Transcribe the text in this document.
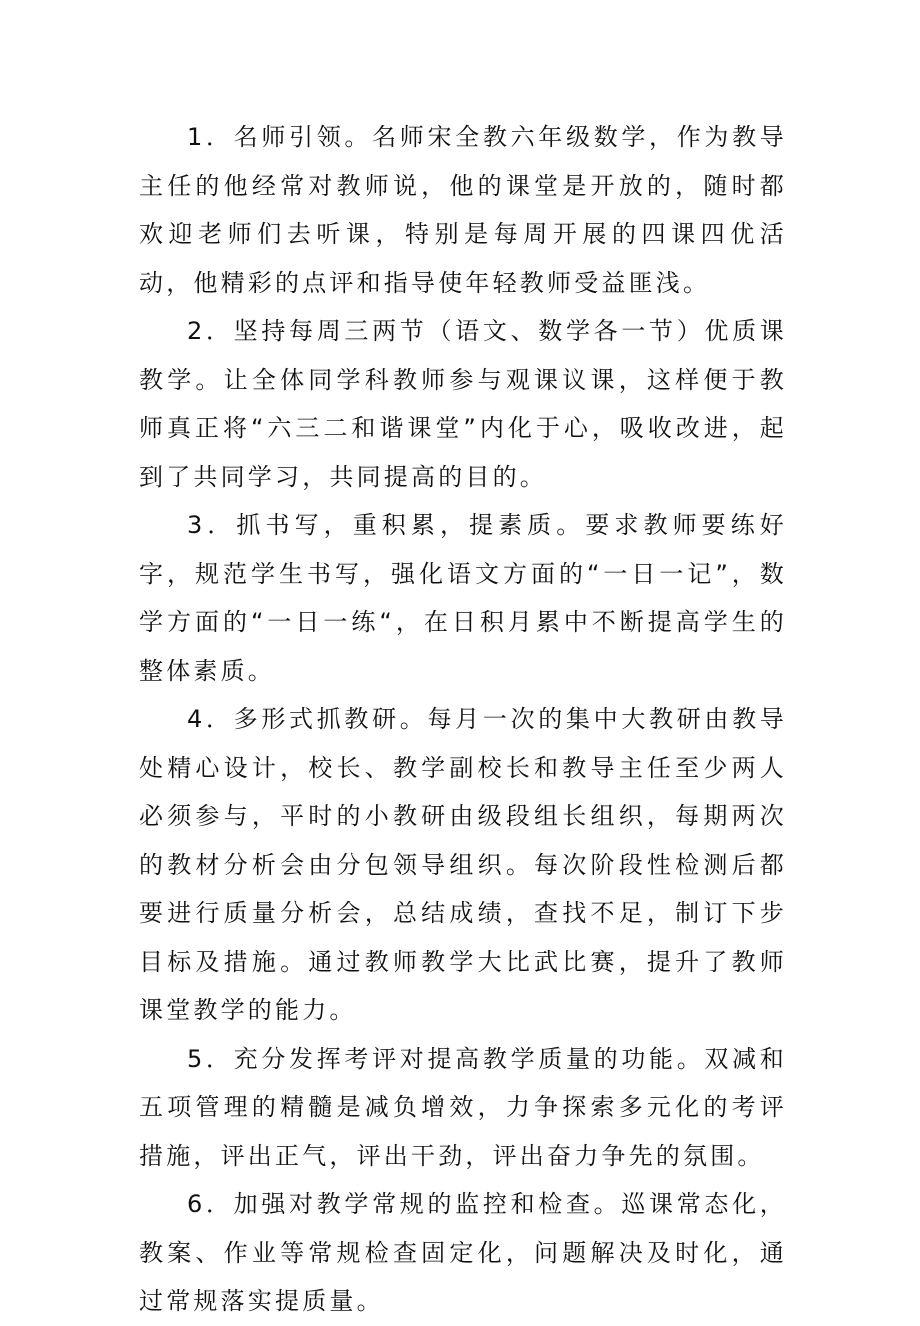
1．名师引领。名师宋全教六年级数学，作为教导主任的他经常对教师说，他的课堂是开放的，随时都欢迎老师们去听课，特别是每周开展的四课四优活动，他精彩的点评和指导使年轻教师受益匪浅。

2．坚持每周三两节（语文、数学各一节）优质课教学。让全体同学科教师参与观课议课，这样便于教师真正将“六三二和谐课堂”内化于心，吸收改进，起到了共同学习，共同提高的目的。

3．抓书写，重积累，提素质。要求教师要练好字，规范学生书写，强化语文方面的“一日一记”，数学方面的“一日一练“，在日积月累中不断提高学生的整体素质。

4．多形式抓教研。每月一次的集中大教研由教导处精心设计，校长、教学副校长和教导主任至少两人必须参与，平时的小教研由级段组长组织，每期两次的教材分析会由分包领导组织。每次阶段性检测后都要进行质量分析会，总结成绩，查找不足，制订下步目标及措施。通过教师教学大比武比赛，提升了教师课堂教学的能力。

5．充分发挥考评对提高教学质量的功能。双减和五项管理的精髓是减负增效，力争探索多元化的考评措施，评出正气，评出干劲，评出奋力争先的氛围。

6．加强对教学常规的监控和检查。巡课常态化，教案、作业等常规检查固定化，问题解决及时化，通过常规落实提质量。
